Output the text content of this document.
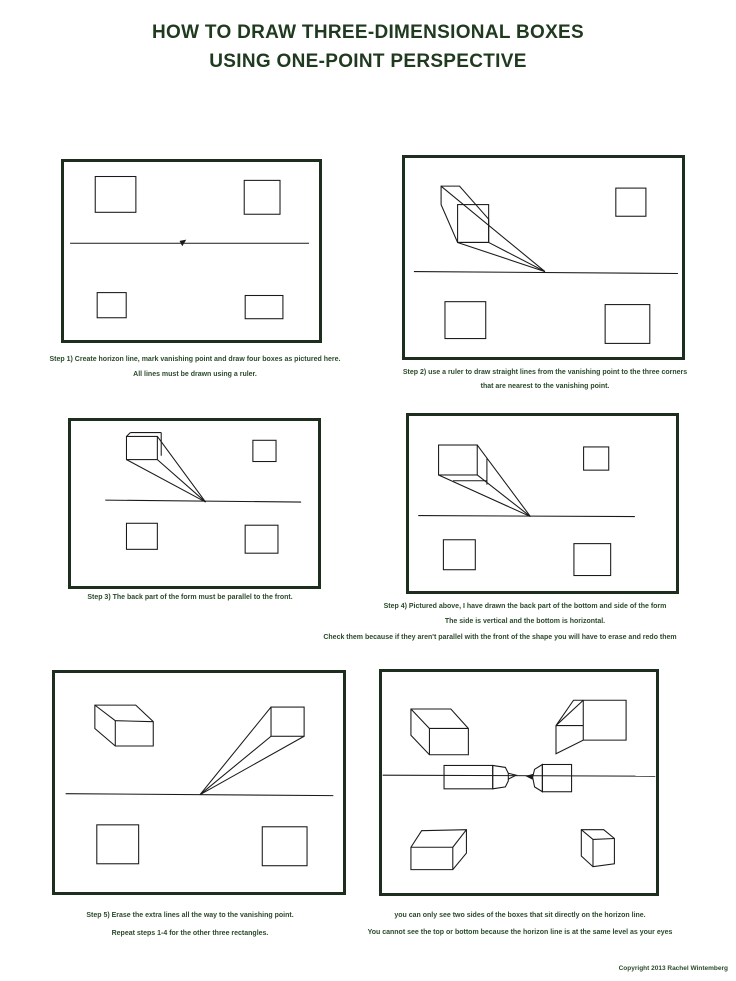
HOW TO DRAW THREE-DIMENSIONAL BOXES
USING ONE-POINT PERSPECTIVE
Step 1) Create horizon line, mark vanishing point and draw four boxes as pictured here.
All lines must be drawn using a ruler.	Step 2) use a ruler to draw straight lines from the vanishing point to the three corners
that are nearest to the vanishing point.
Step 3) The back part of the form must be parallel to the front.
Step 4) Pictured above, I have drawn the back part of the bottom and side of the form
The side is vertical and the bottom is horizontal.
Check them because if they aren't parallel with the front of the shape you will have to erase and redo them
Step 5) Erase the extra lines all the way to the vanishing point.
Repeat steps 1-4 for the other three rectangles.
you can only see two sides of the boxes that sit directly on the horizon line.
You cannot see the top or bottom because the horizon line is at the same level as your eyes
Copyright 2013 Rachel Wintemberg
